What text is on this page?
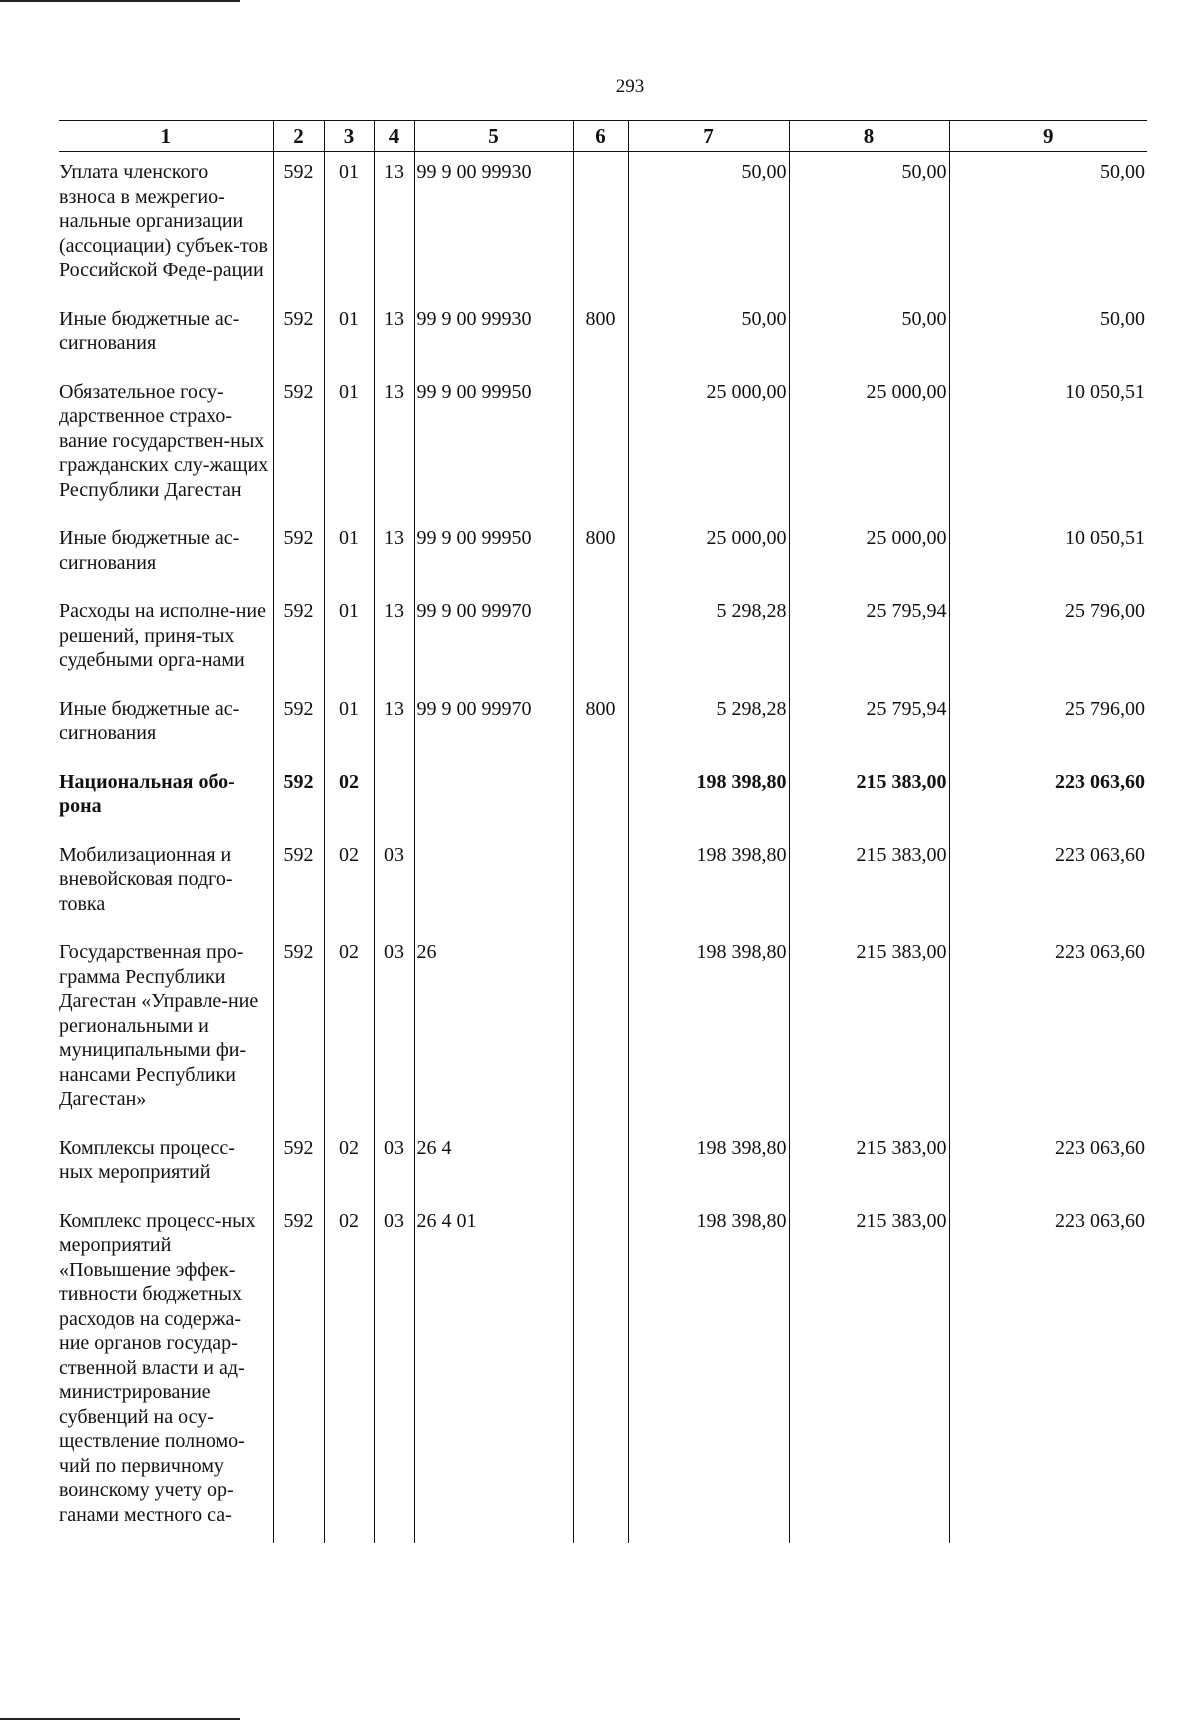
293
1	2	3	4	5	6	7	8	9
Уплата членского взноса в межрегио-нальные организации (ассоциации) субъек-тов Российской Феде-рации	592	01	13	99 9 00 99930		50,00	50,00	50,00
Иные бюджетные ас-сигнования	592	01	13	99 9 00 99930	800	50,00	50,00	50,00
Обязательное госу-дарственное страхо-вание государствен-ных гражданских слу-жащих Республики Дагестан	592	01	13	99 9 00 99950		25 000,00	25 000,00	10 050,51
Иные бюджетные ас-сигнования	592	01	13	99 9 00 99950	800	25 000,00	25 000,00	10 050,51
Расходы на исполне-ние решений, приня-тых судебными орга-нами	592	01	13	99 9 00 99970		5 298,28	25 795,94	25 796,00
Иные бюджетные ас-сигнования	592	01	13	99 9 00 99970	800	5 298,28	25 795,94	25 796,00
Национальная обо-рона	592	02				198 398,80	215 383,00	223 063,60
Мобилизационная и вневойсковая подго-товка	592	02	03			198 398,80	215 383,00	223 063,60
Государственная про-грамма Республики Дагестан «Управле-ние региональными и муниципальными фи-нансами Республики Дагестан»	592	02	03	26		198 398,80	215 383,00	223 063,60
Комплексы процесс-ных мероприятий	592	02	03	26 4		198 398,80	215 383,00	223 063,60
Комплекс процесс-ных мероприятий «Повышение эффек-тивности бюджетных расходов на содержа-ние органов государ-ственной власти и ад-министрирование субвенций на осу-ществление полномо-чий по первичному воинскому учету ор-ганами местного са-	592	02	03	26 4 01		198 398,80	215 383,00	223 063,60
